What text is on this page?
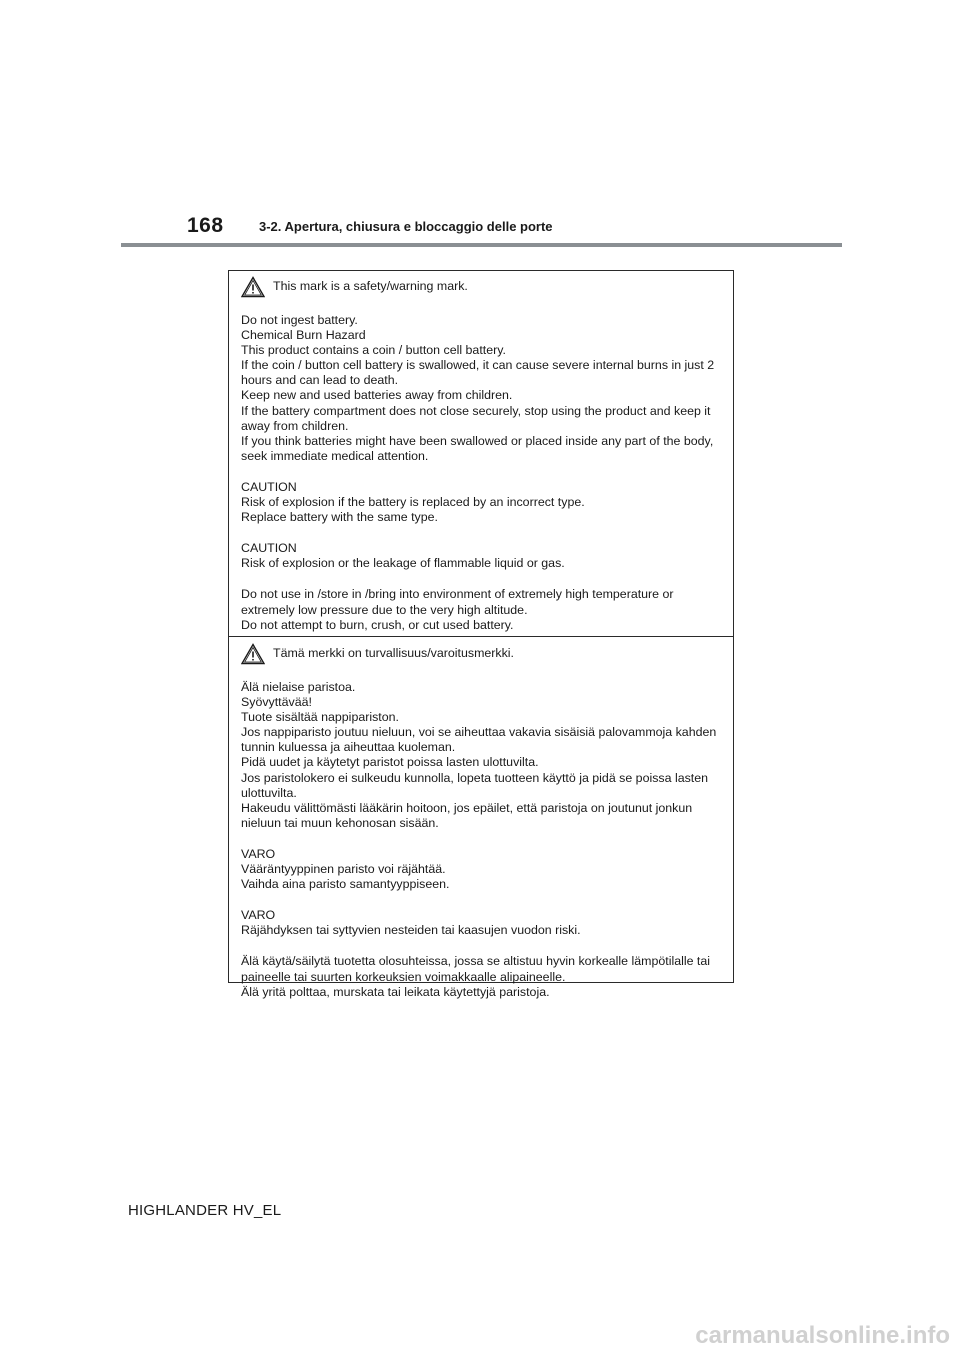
168	3-2. Apertura, chiusura e bloccaggio delle porte
This mark is a safety/warning mark.

Do not ingest battery.

Chemical Burn Hazard

This product contains a coin / button cell battery.

If the coin / button cell battery is swallowed, it can cause severe internal burns in just 2 hours and can lead to death.

Keep new and used batteries away from children.

If the battery compartment does not close securely, stop using the product and keep it away from children.

If you think batteries might have been swallowed or placed inside any part of the body, seek immediate medical attention.

CAUTION

Risk of explosion if the battery is replaced by an incorrect type.

Replace battery with the same type.

CAUTION

Risk of explosion or the leakage of flammable liquid or gas.

Do not use in /store in /bring into environment of extremely high temperature or extremely low pressure due to the very high altitude.

Do not attempt to burn, crush, or cut used battery.

Tämä merkki on turvallisuus/varoitusmerkki.

Älä nielaise paristoa.

Syövyttävää!

Tuote sisältää nappipariston.

Jos nappiparisto joutuu nieluun, voi se aiheuttaa vakavia sisäisiä palovammoja kahden tunnin kuluessa ja aiheuttaa kuoleman.

Pidä uudet ja käytetyt paristot poissa lasten ulottuvilta.

Jos paristolokero ei sulkeudu kunnolla, lopeta tuotteen käyttö ja pidä se poissa lasten ulottuvilta.

Hakeudu välittömästi lääkärin hoitoon, jos epäilet, että paristoja on joutunut jonkun nieluun tai muun kehonosan sisään.

VARO

Vääräntyyppinen paristo voi räjähtää.

Vaihda aina paristo samantyyppiseen.

VARO

Räjähdyksen tai syttyvien nesteiden tai kaasujen vuodon riski.

Älä käytä/säilytä tuotetta olosuhteissa, jossa se altistuu hyvin korkealle lämpötilalle tai paineelle tai suurten korkeuksien voimakkaalle alipaineelle.

Älä yritä polttaa, murskata tai leikata käytettyjä paristoja.

HIGHLANDER HV_EL
carmanualsonline.info
